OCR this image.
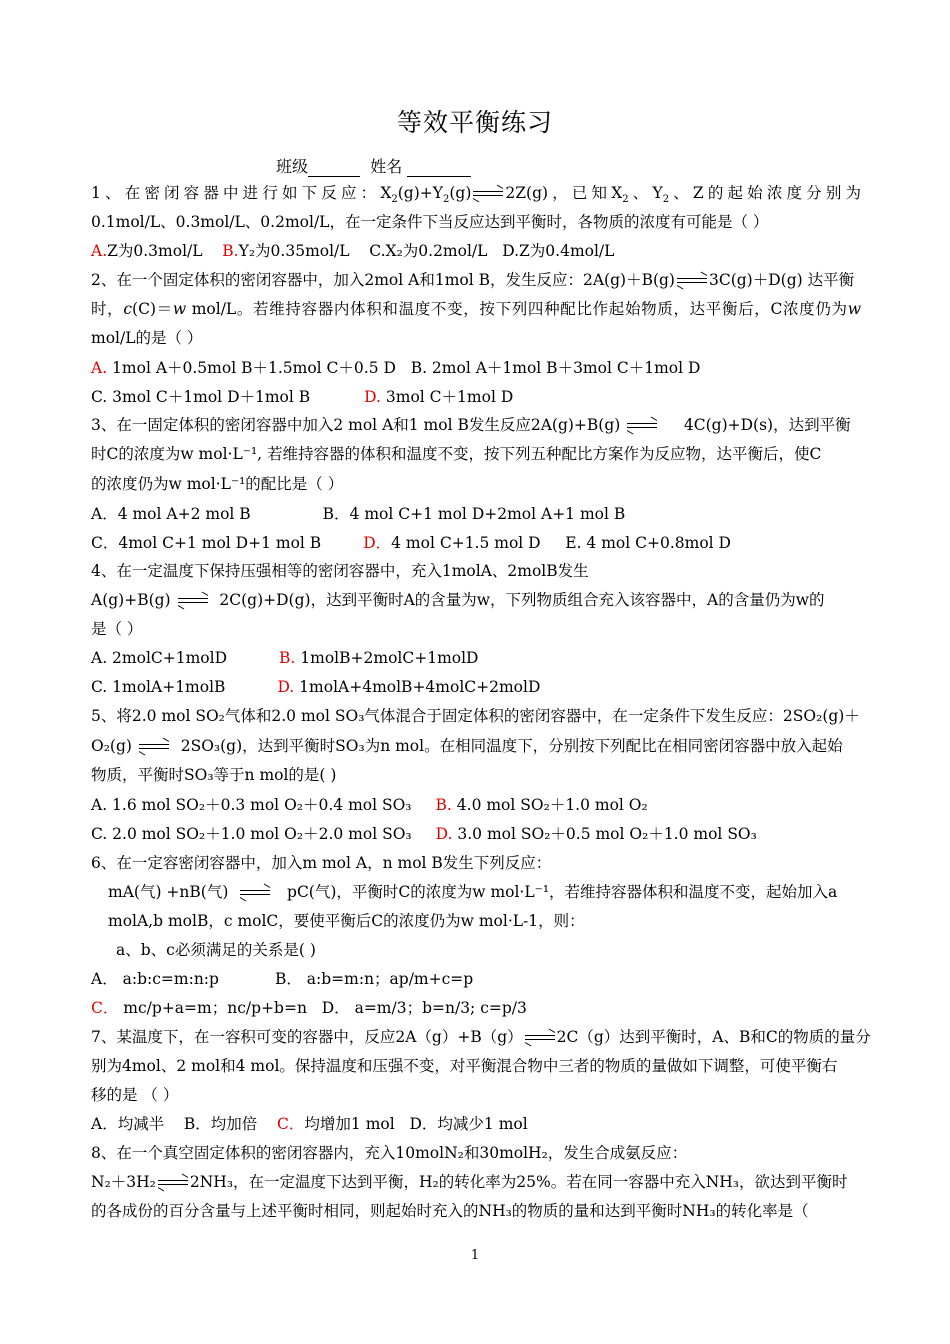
等效平衡练习
班级	姓名
1、在密闭容器中进行如下反应：$X_2(g)+Y_2(g)$ 2Z(g)，已知$X_2$、$Y_2$、Z的起始浓度分别为
0.1mol/L、0.3mol/L、0.2mol/L，在一定条件下当反应达到平衡时，各物质的浓度有可能是（ ）
A.Z为0.3mol/L B.Y₂为0.35mol/L C.X₂为0.2mol/L D.Z为0.4mol/L
2、在一个固定体积的密闭容器中，加入2mol A和1mol B，发生反应：2A(g)＋B(g) 3C(g)＋D(g) 达平衡
时，c(C)＝w mol/L。若维持容器内体积和温度不变，按下列四种配比作起始物质，达平衡后，C浓度仍为w
mol/L的是（ ）
A. 1mol A＋0.5mol B＋1.5mol C＋0.5 D B. 2mol A＋1mol B＋3mol C＋1mol D
C. 3mol C＋1mol D＋1mol B	D. 3mol C＋1mol D
3、在一固定体积的密闭容器中加入2 mol A和1 mol B发生反应2A(g)+B(g)	4C(g)+D(s)，达到平衡
时C的浓度为w mol·L⁻¹, 若维持容器的体积和温度不变，按下列五种配比方案作为反应物，达平衡后，使C
的浓度仍为w mol·L⁻¹的配比是（ ）
A．4 mol A+2 mol B	B．4 mol C+1 mol D+2mol A+1 mol B
C．4mol C+1 mol D+1 mol B	D．4 mol C+1.5 mol D E. 4 mol C+0.8mol D
4、在一定温度下保持压强相等的密闭容器中，充入1molA、2molB发生
A(g)+B(g)	2C(g)+D(g)，达到平衡时A的含量为w，下列物质组合充入该容器中，A的含量仍为w的
是（ ）
A. 2molC+1molD	B. 1molB+2molC+1molD
C. 1molA+1molB	D. 1molA+4molB+4molC+2molD
5、将2.0 mol SO₂气体和2.0 mol SO₃气体混合于固定体积的密闭容器中，在一定条件下发生反应：2SO₂(g)＋
O₂(g)	2SO₃(g)，达到平衡时SO₃为n mol。在相同温度下，分别按下列配比在相同密闭容器中放入起始
物质，平衡时SO₃等于n mol的是( )
A. 1.6 mol SO₂＋0.3 mol O₂＋0.4 mol SO₃ B. 4.0 mol SO₂＋1.0 mol O₂
C. 2.0 mol SO₂＋1.0 mol O₂＋2.0 mol SO₃ D. 3.0 mol SO₂＋0.5 mol O₂＋1.0 mol SO₃
6、在一定容密闭容器中，加入m mol A，n mol B发生下列反应：
mA(气) +nB(气)	pC(气)，平衡时C的浓度为w mol·L⁻¹，若维持容器体积和温度不变，起始加入a
molA,b molB，c molC，要使平衡后C的浓度仍为w mol·L-1，则：
a、b、c必须满足的关系是( )
A． a:b:c=m:n:p	B． a:b=m:n；ap/m+c=p
C． mc/p+a=m；nc/p+b=n D． a=m/3；b=n/3; c=p/3
7、某温度下，在一容积可变的容器中，反应2A（g）+B（g） 2C（g）达到平衡时，A、B和C的物质的量分
别为4mol、2 mol和4 mol。保持温度和压强不变，对平衡混合物中三者的物质的量做如下调整，可使平衡右
移的是 （ ）
A．均减半 B．均加倍 C．均增加1 mol D．均减少1 mol
8、在一个真空固定体积的密闭容器内，充入10molN₂和30molH₂，发生合成氨反应：
N₂＋3H₂ 2NH₃，在一定温度下达到平衡，H₂的转化率为25%。若在同一容器中充入NH₃，欲达到平衡时
的各成份的百分含量与上述平衡时相同，则起始时充入的NH₃的物质的量和达到平衡时NH₃的转化率是（
1
